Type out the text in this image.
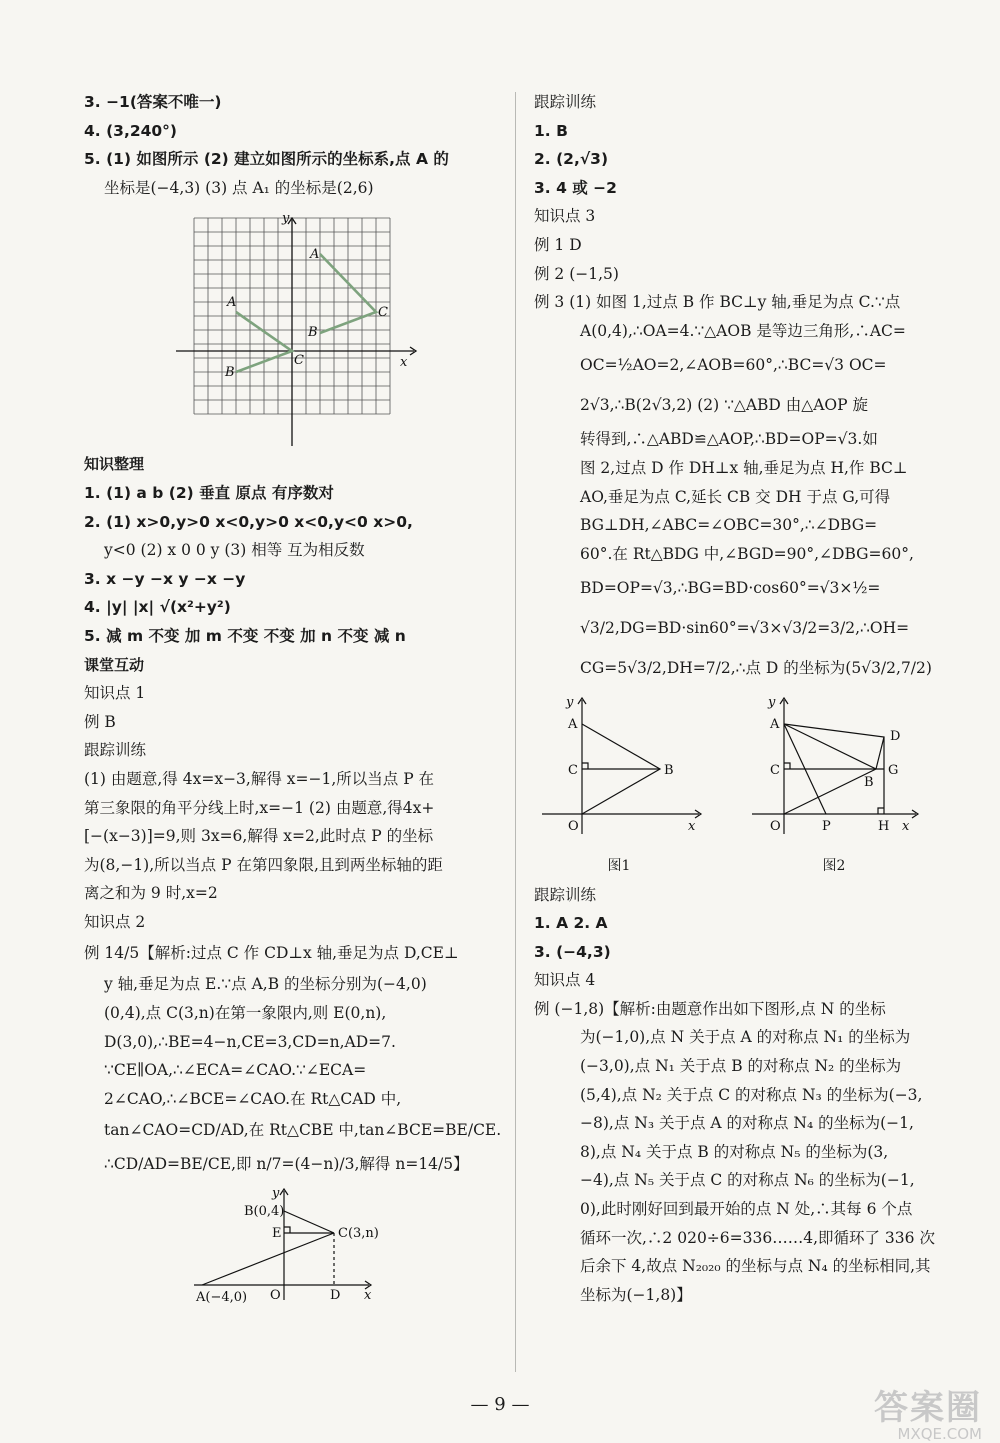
3. −1(答案不唯一)

4. (3,240°)

5. (1) 如图所示 (2) 建立如图所示的坐标系,点 A 的

坐标是(−4,3) (3) 点 A₁ 的坐标是(2,6)

y
x
A
A
B
B
C
C

知识整理

1. (1) a b (2) 垂直 原点 有序数对

2. (1) x>0,y>0 x<0,y>0 x<0,y<0 x>0,

y<0 (2) x 0 0 y (3) 相等 互为相反数

3. x −y −x y −x −y

4. |y| |x| √(x²+y²)

5. 减 m 不变 加 m 不变 不变 加 n 不变 减 n

课堂互动

知识点 1

例 B

跟踪训练

(1) 由题意,得 4x=x−3,解得 x=−1,所以当点 P 在

第三象限的角平分线上时,x=−1 (2) 由题意,得4x+

[−(x−3)]=9,则 3x=6,解得 x=2,此时点 P 的坐标

为(8,−1),所以当点 P 在第四象限,且到两坐标轴的距

离之和为 9 时,x=2

知识点 2

例 14/5【解析:过点 C 作 CD⊥x 轴,垂足为点 D,CE⊥

y 轴,垂足为点 E.∵点 A,B 的坐标分别为(−4,0)

(0,4),点 C(3,n)在第一象限内,则 E(0,n),

D(3,0),∴BE=4−n,CE=3,CD=n,AD=7.

∵CE∥OA,∴∠ECA=∠CAO.∵∠ECA=

2∠CAO,∴∠BCE=∠CAO.在 Rt△CAD 中,

tan∠CAO=CD/AD,在 Rt△CBE 中,tan∠BCE=BE/CE.

∴CD/AD=BE/CE,即 n/7=(4−n)/3,解得 n=14/5】

B(0,4)
E	C(3,n)
A(−4,0) O	D x
y

跟踪训练

1. B

2. (2,√3)

3. 4 或 −2

知识点 3

例 1 D

例 2 (−1,5)

例 3 (1) 如图 1,过点 B 作 BC⊥y 轴,垂足为点 C.∵点

A(0,4),∴OA=4.∵△AOB 是等边三角形,∴AC=

OC=½AO=2,∠AOB=60°,∴BC=√3 OC=

2√3,∴B(2√3,2) (2) ∵△ABD 由△AOP 旋

转得到,∴△ABD≌△AOP,∴BD=OP=√3.如

图 2,过点 D 作 DH⊥x 轴,垂足为点 H,作 BC⊥

AO,垂足为点 C,延长 CB 交 DH 于点 G,可得

BG⊥DH,∠ABC=∠OBC=30°,∴∠DBG=

60°.在 Rt△BDG 中,∠BGD=90°,∠DBG=60°,

BD=OP=√3,∴BG=BD·cos60°=√3×½=

√3/2,DG=BD·sin60°=√3×√3/2=3/2,∴OH=

CG=5√3/2,DH=7/2,∴点 D 的坐标为(5√3/2,7/2)

y
A
C	B
O	x
图1
y
A
D
C	G
B
O	P	H x
图2

跟踪训练

1. A 2. A

3. (−4,3)

知识点 4

例 (−1,8)【解析:由题意作出如下图形,点 N 的坐标

为(−1,0),点 N 关于点 A 的对称点 N₁ 的坐标为

(−3,0),点 N₁ 关于点 B 的对称点 N₂ 的坐标为

(5,4),点 N₂ 关于点 C 的对称点 N₃ 的坐标为(−3,

−8),点 N₃ 关于点 A 的对称点 N₄ 的坐标为(−1,

8),点 N₄ 关于点 B 的对称点 N₅ 的坐标为(3,

−4),点 N₅ 关于点 C 的对称点 N₆ 的坐标为(−1,

0),此时刚好回到最开始的点 N 处,∴其每 6 个点

循环一次,∴2 020÷6=336……4,即循环了 336 次

后余下 4,故点 N₂₀₂₀ 的坐标与点 N₄ 的坐标相同,其

坐标为(−1,8)】

— 9 —	答案圈
MXQE.COM
